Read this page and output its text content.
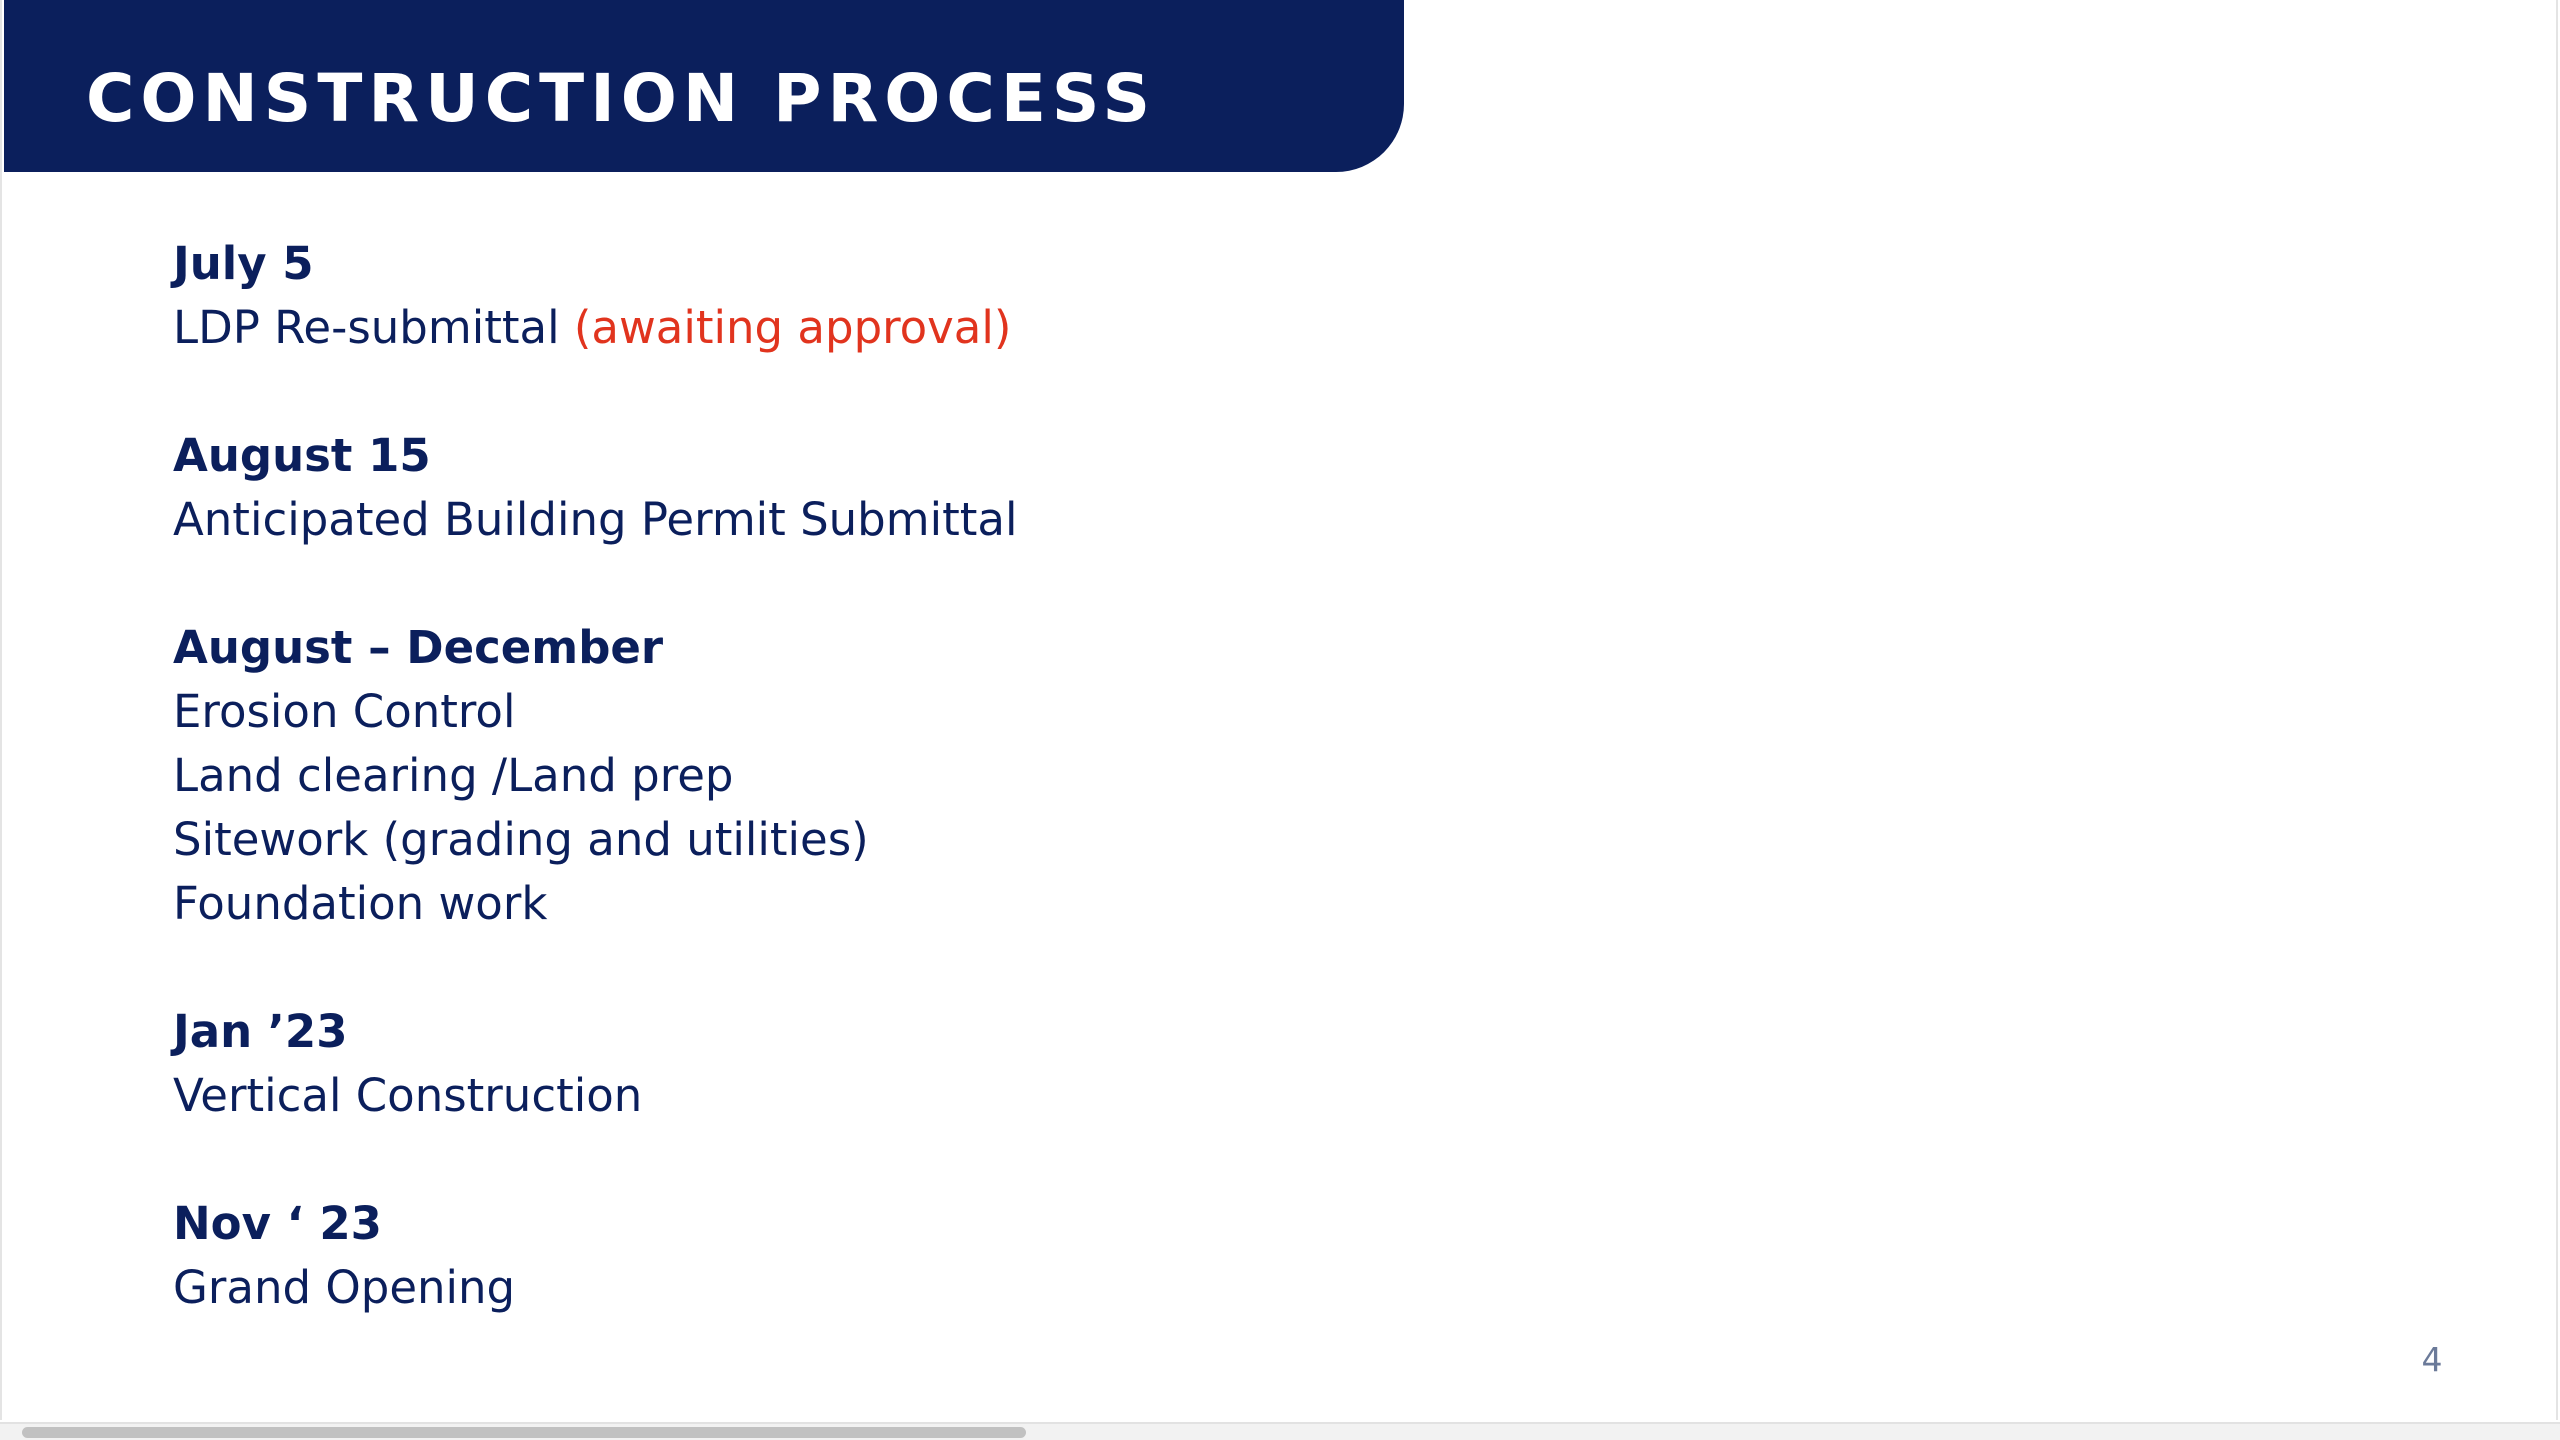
CONSTRUCTION PROCESS
July 5
LDP Re-submittal (awaiting approval)
August 15
Anticipated Building Permit Submittal
August – December
Erosion Control
Land clearing /Land prep
Sitework (grading and utilities)
Foundation work
Jan ’23
Vertical Construction
Nov ‘ 23
Grand Opening
4
